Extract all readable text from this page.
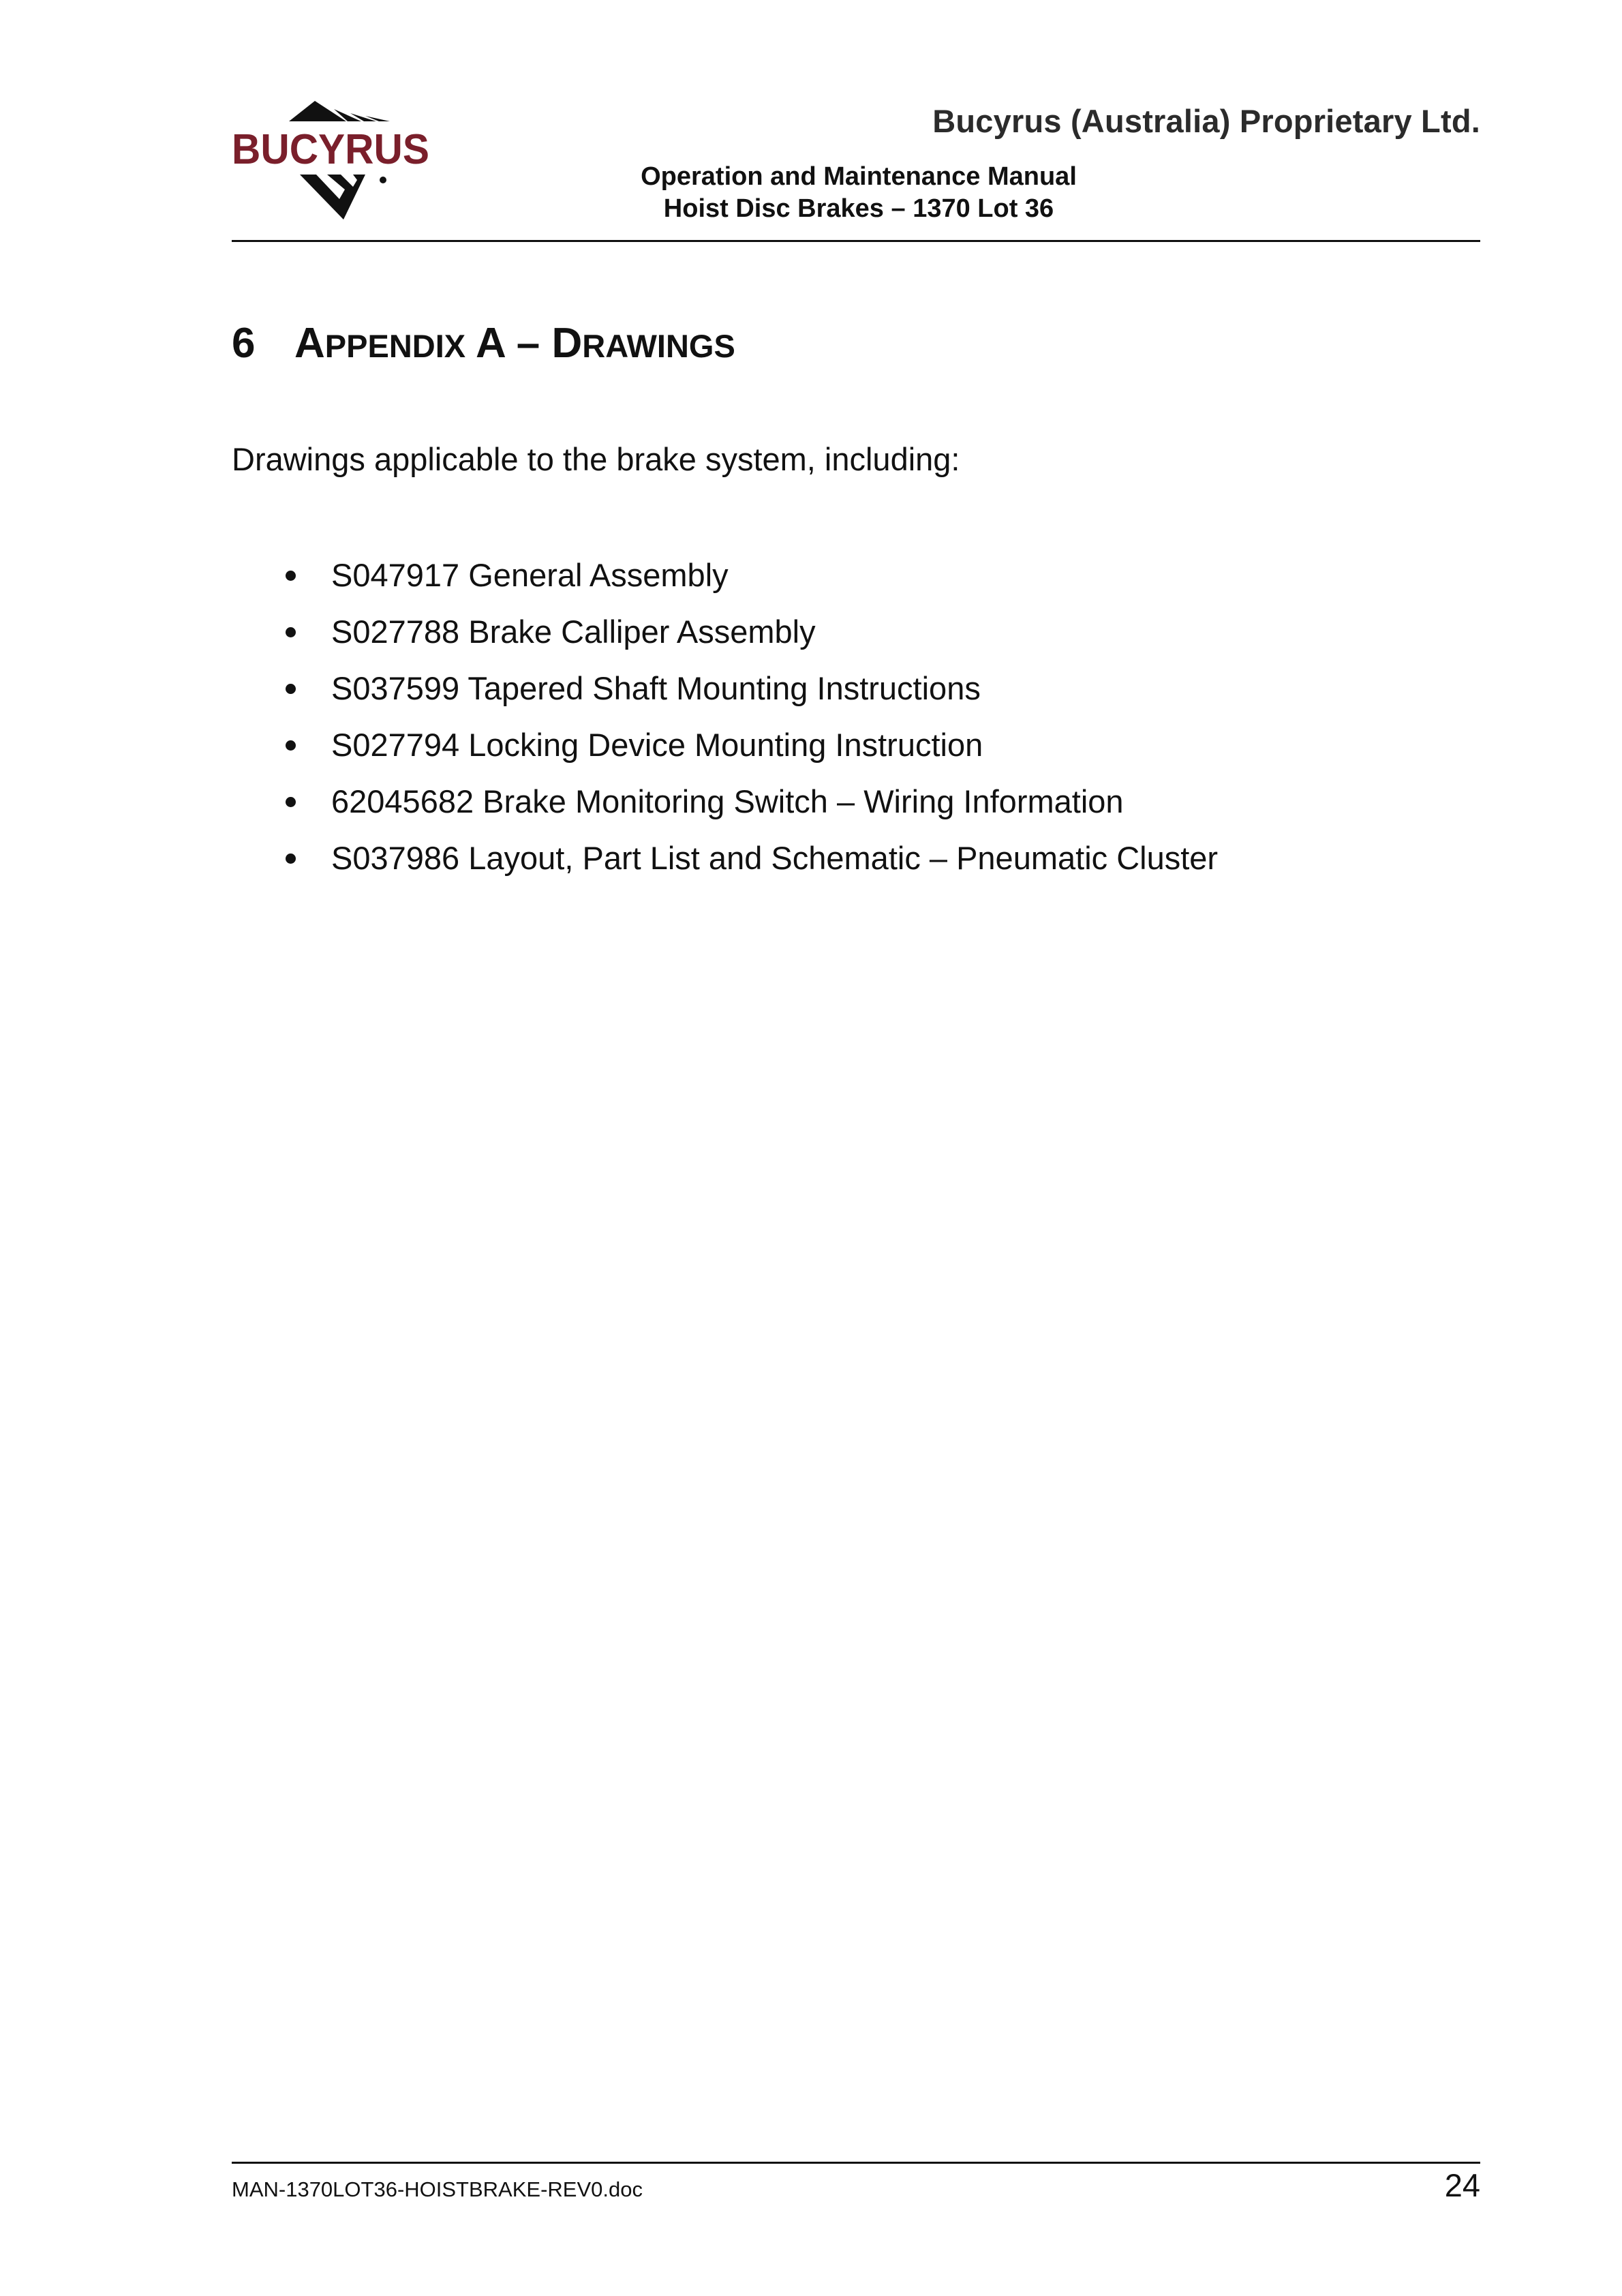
BUCYRUS
Bucyrus (Australia) Proprietary Ltd.
Operation and Maintenance Manual
Hoist Disc Brakes – 1370 Lot 36
6 APPENDIX A – DRAWINGS

Drawings applicable to the brake system, including:

S047917 General Assembly
S027788 Brake Calliper Assembly
S037599 Tapered Shaft Mounting Instructions
S027794 Locking Device Mounting Instruction
62045682 Brake Monitoring Switch – Wiring Information
S037986 Layout, Part List and Schematic – Pneumatic Cluster
MAN-1370LOT36-HOISTBRAKE-REV0.doc	24
